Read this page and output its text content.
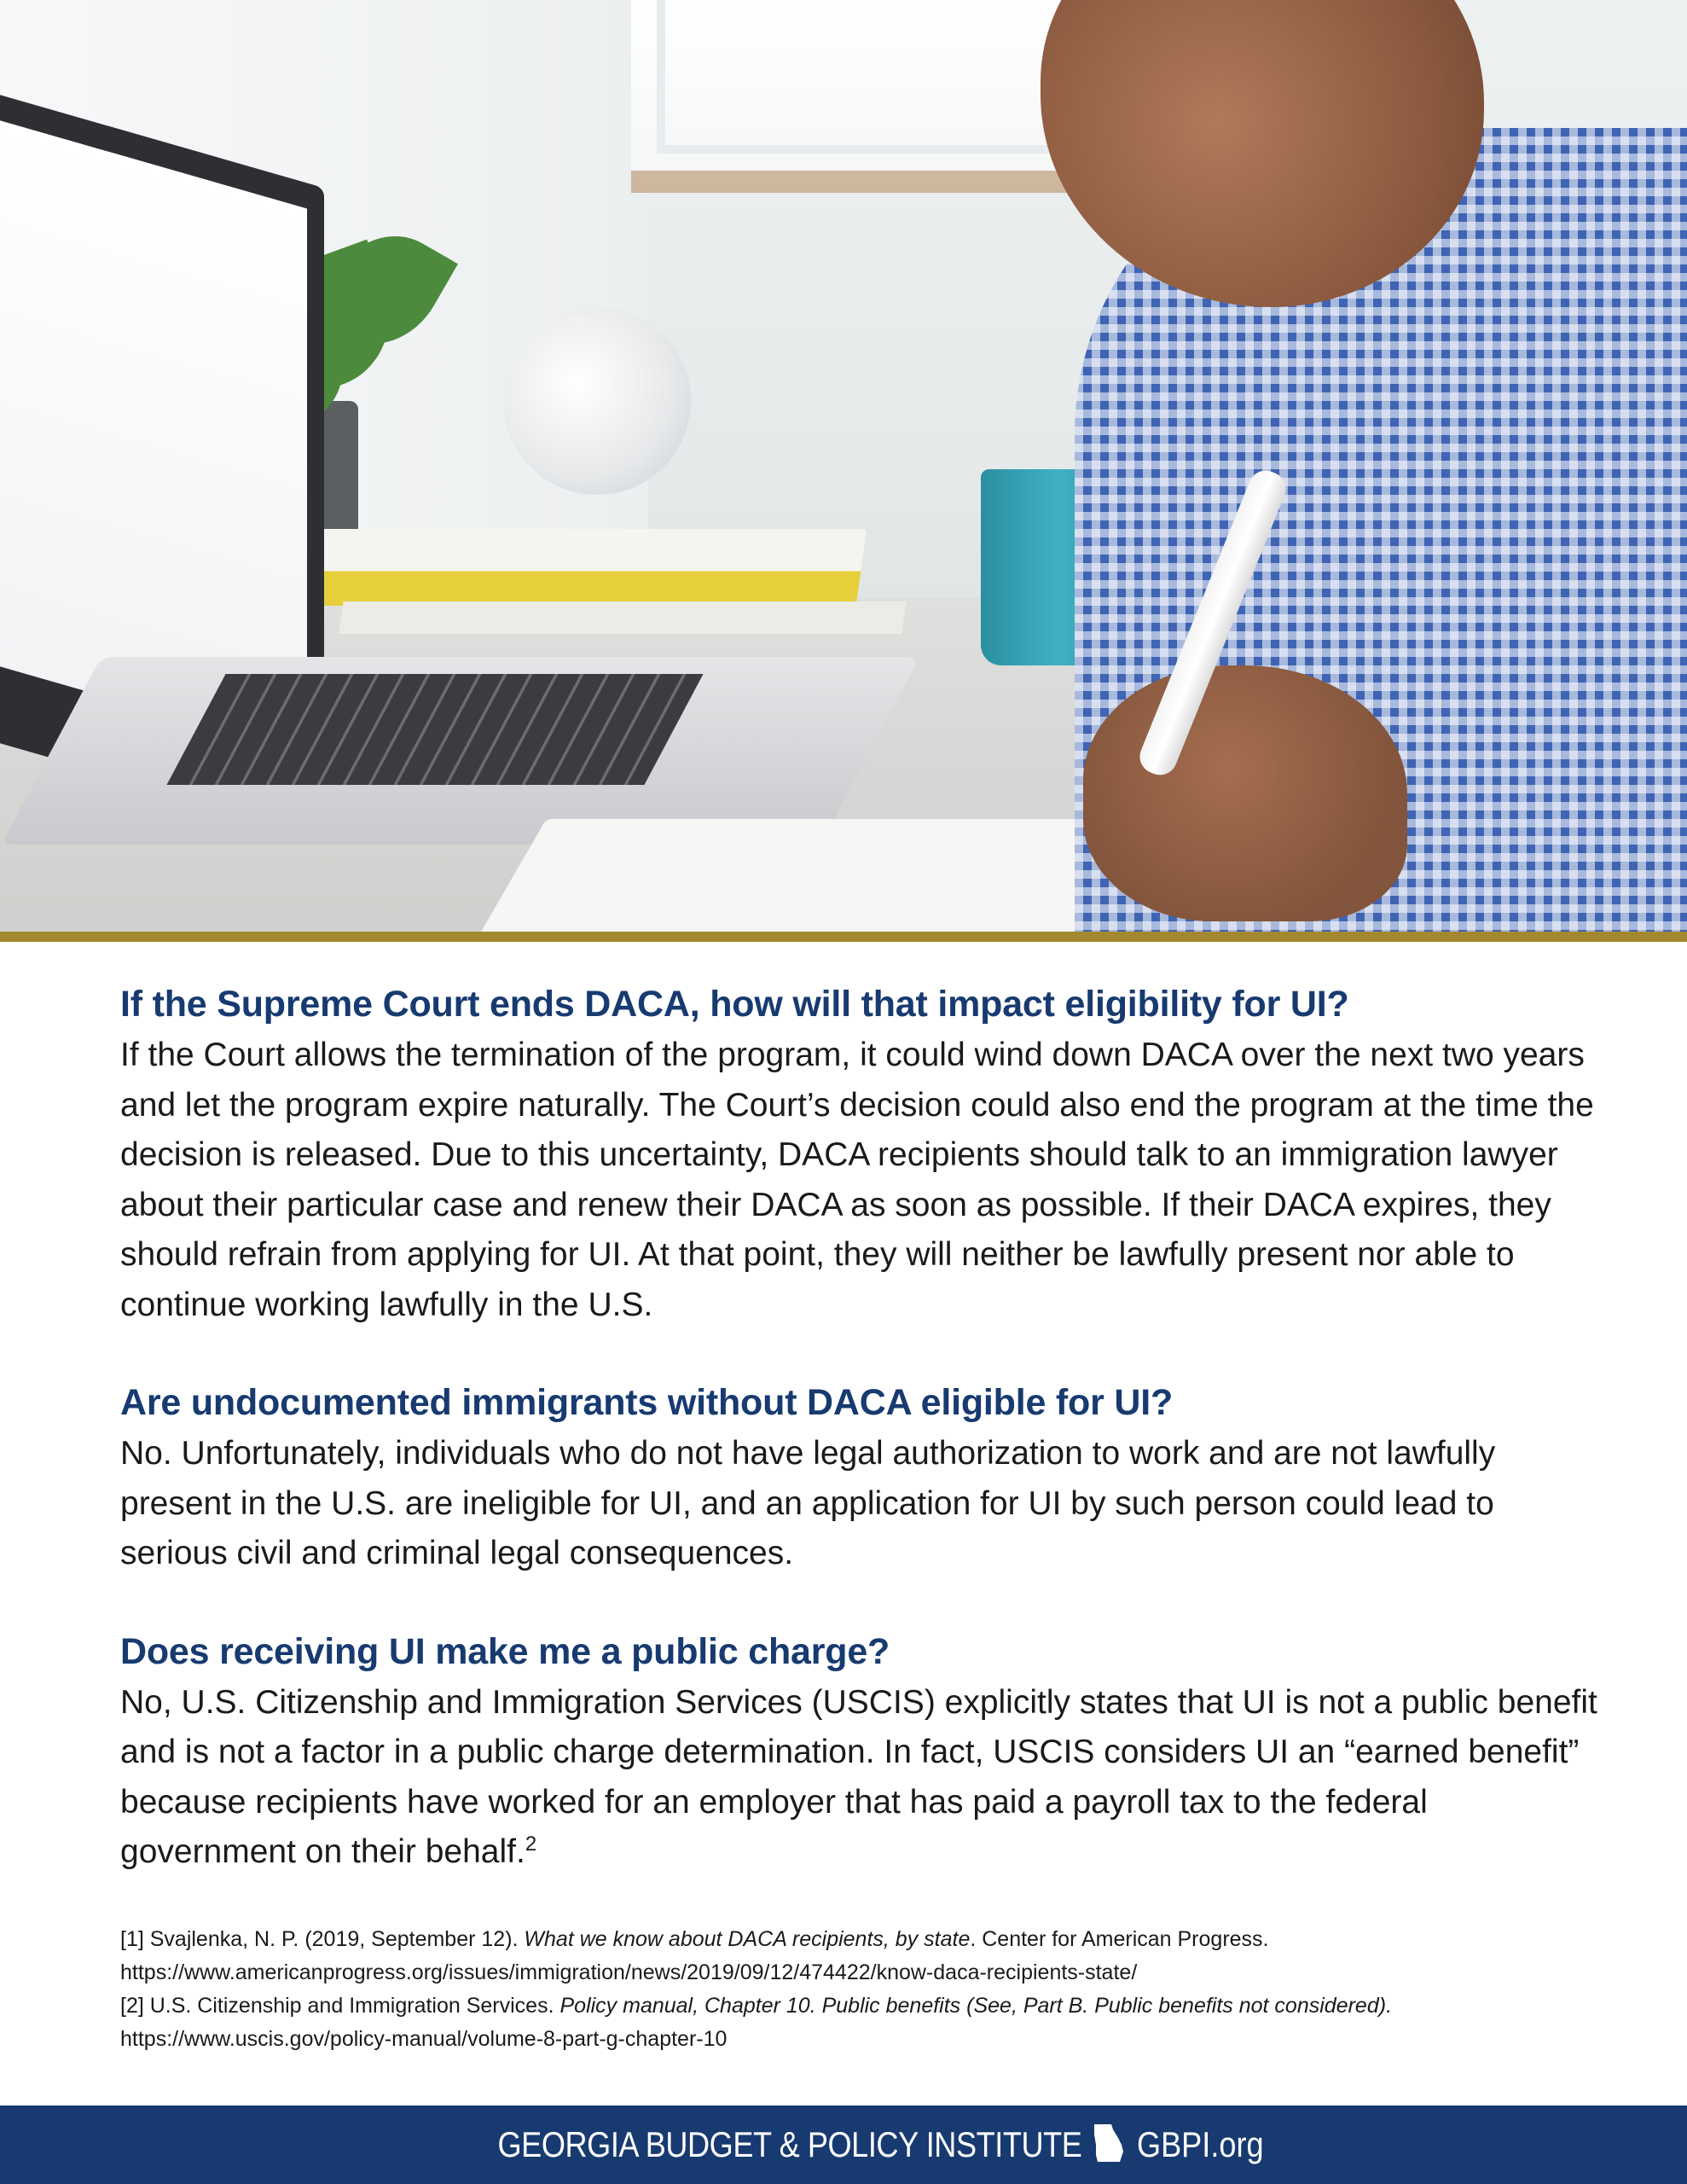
If the Supreme Court ends DACA, how will that impact eligibility for UI?

If the Court allows the termination of the program, it could wind down DACA over the next two years and let the program expire naturally. The Court’s decision could also end the program at the time the decision is released. Due to this uncertainty, DACA recipients should talk to an immigration lawyer about their particular case and renew their DACA as soon as possible. If their DACA expires, they should refrain from applying for UI. At that point, they will neither be lawfully present nor able to continue working lawfully in the U.S.

Are undocumented immigrants without DACA eligible for UI?

No. Unfortunately, individuals who do not have legal authorization to work and are not lawfully present in the U.S. are ineligible for UI, and an application for UI by such person could lead to serious civil and criminal legal consequences.

Does receiving UI make me a public charge?

No, U.S. Citizenship and Immigration Services (USCIS) explicitly states that UI is not a public benefit and is not a factor in a public charge determination. In fact, USCIS considers UI an “earned benefit” because recipients have worked for an employer that has paid a payroll tax to the federal government on their behalf.$^2$

[1] Svajlenka, N. P. (2019, September 12). What we know about DACA recipients, by state. Center for American Progress.

https://www.americanprogress.org/issues/immigration/news/2019/09/12/474422/know-daca-recipients-state/

[2] U.S. Citizenship and Immigration Services. Policy manual, Chapter 10. Public benefits (See, Part B. Public benefits not considered).

https://www.uscis.gov/policy-manual/volume-8-part-g-chapter-10

GEORGIA BUDGET & POLICY INSTITUTE GBPI.org
